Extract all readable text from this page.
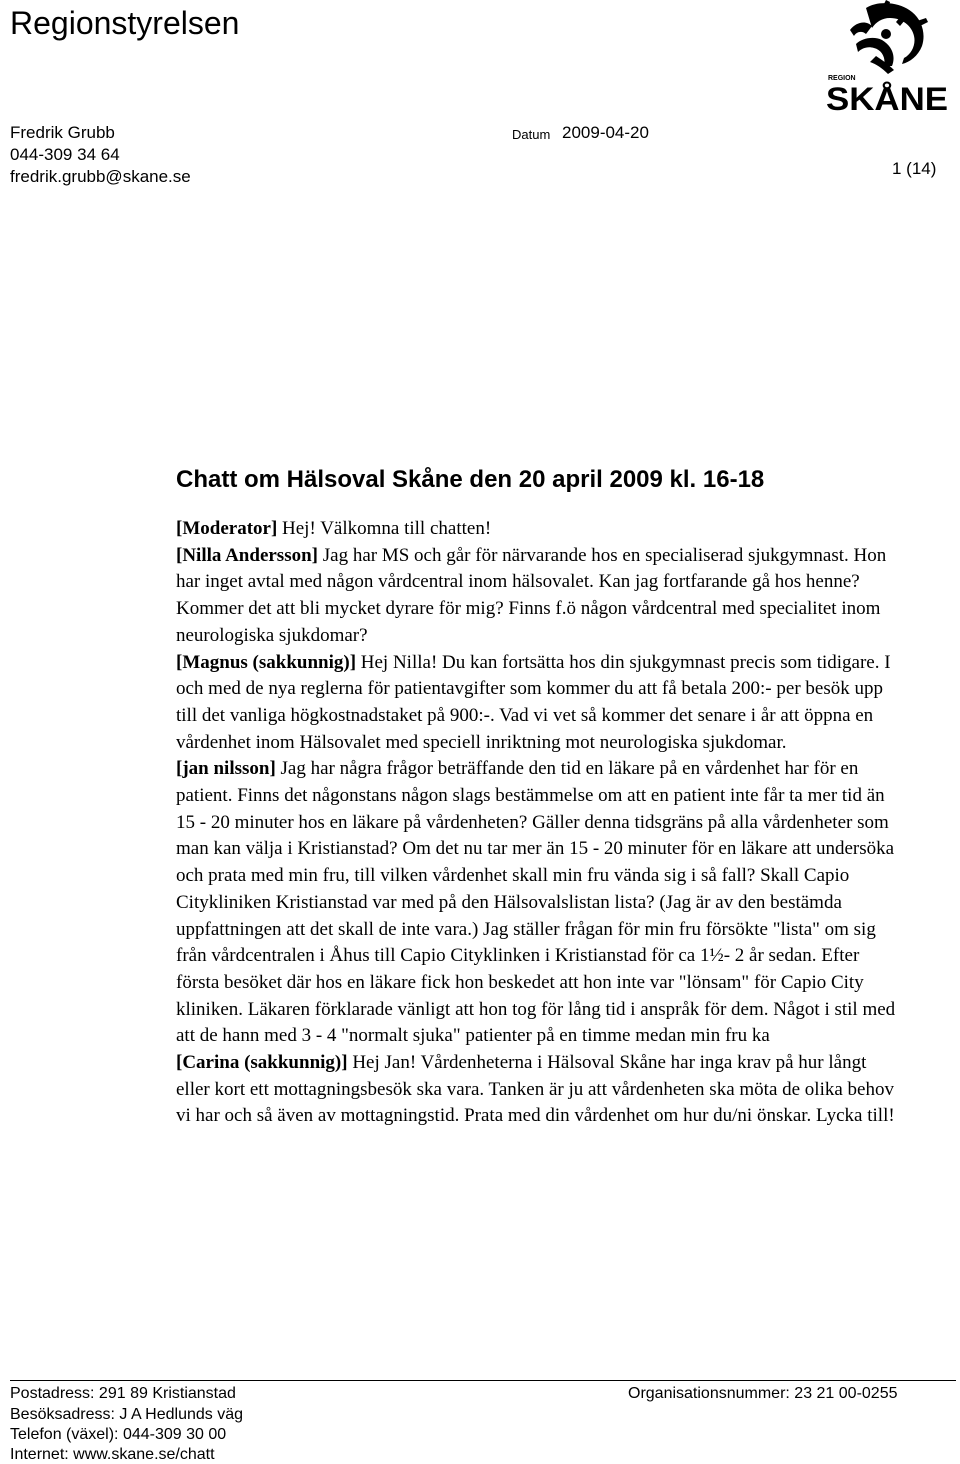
Regionstyrelsen
REGION
SKÅNE
Fredrik Grubb
044-309 34 64
fredrik.grubb@skane.se
Datum 2009-04-20
1 (14)
Chatt om Hälsoval Skåne den 20 april 2009 kl. 16-18
[Moderator] Hej! Välkomna till chatten!
[Nilla Andersson] Jag har MS och går för närvarande hos en specialiserad sjukgymnast. Hon har inget avtal med någon vårdcentral inom hälsovalet. Kan jag fortfarande gå hos henne? Kommer det att bli mycket dyrare för mig? Finns f.ö någon vårdcentral med specialitet inom neurologiska sjukdomar?
[Magnus (sakkunnig)] Hej Nilla! Du kan fortsätta hos din sjukgymnast precis som tidigare. I och med de nya reglerna för patientavgifter som kommer du att få betala 200:- per besök upp till det vanliga högkostnadstaket på 900:-. Vad vi vet så kommer det senare i år att öppna en vårdenhet inom Hälsovalet med speciell inriktning mot neurologiska sjukdomar.
[jan nilsson] Jag har några frågor beträffande den tid en läkare på en vårdenhet har för en patient. Finns det någonstans någon slags bestämmelse om att en patient inte får ta mer tid än 15 - 20 minuter hos en läkare på vårdenheten? Gäller denna tidsgräns på alla vårdenheter som man kan välja i Kristianstad? Om det nu tar mer än 15 - 20 minuter för en läkare att undersöka och prata med min fru, till vilken vårdenhet skall min fru vända sig i så fall? Skall Capio Citykliniken Kristianstad var med på den Hälsovalslistan lista? (Jag är av den bestämda uppfattningen att det skall de inte vara.) Jag ställer frågan för min fru försökte "lista" om sig från vårdcentralen i Åhus till Capio Cityklinken i Kristianstad för ca 1½- 2 år sedan. Efter första besöket där hos en läkare fick hon beskedet att hon inte var "lönsam" för Capio City kliniken. Läkaren förklarade vänligt att hon tog för lång tid i anspråk för dem. Något i stil med att de hann med 3 - 4 "normalt sjuka" patienter på en timme medan min fru ka
[Carina (sakkunnig)] Hej Jan! Vårdenheterna i Hälsoval Skåne har inga krav på hur långt eller kort ett mottagningsbesök ska vara. Tanken är ju att vårdenheten ska möta de olika behov vi har och så även av mottagningstid. Prata med din vårdenhet om hur du/ni önskar. Lycka till!
Postadress: 291 89 Kristianstad
Besöksadress: J A Hedlunds väg
Telefon (växel): 044-309 30 00
Internet: www.skane.se/chatt
Organisationsnummer: 23 21 00-0255
